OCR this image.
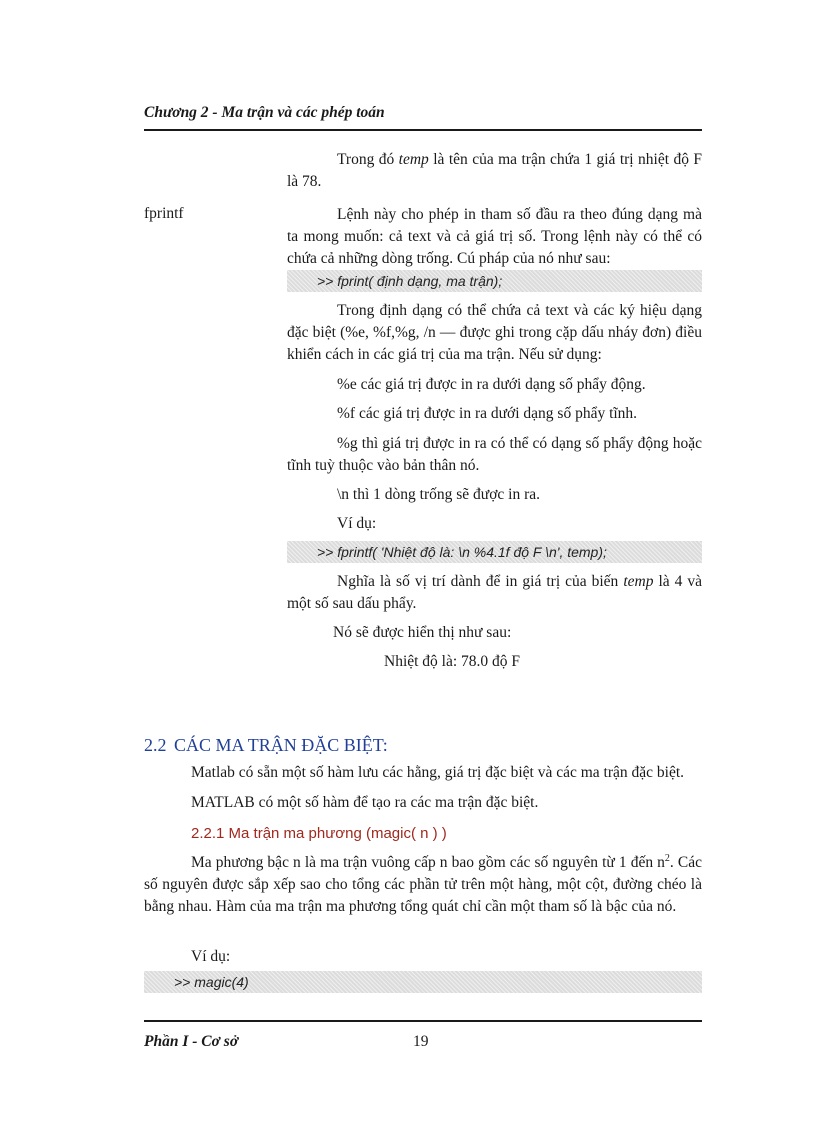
Chương 2 - Ma trận và các phép toán
Trong đó temp là tên của ma trận chứa 1 giá trị nhiệt độ F là 78.
fprintf	Lệnh này cho phép in tham số đầu ra theo đúng dạng mà ta mong muốn: cả text và cả giá trị số. Trong lệnh này có thể có chứa cả những dòng trống. Cú pháp của nó như sau:
>> fprint( định dạng, ma trận);
Trong định dạng có thể chứa cả text và các ký hiệu dạng đặc biệt (%e, %f,%g, /n — được ghi trong cặp dấu nháy đơn) điều khiển cách in các giá trị của ma trận. Nếu sử dụng:
%e các giá trị được in ra dưới dạng số phẩy động.
%f các giá trị được in ra dưới dạng số phẩy tĩnh.
%g thì giá trị được in ra có thể có dạng số phẩy động hoặc tĩnh tuỳ thuộc vào bản thân nó.
\n thì 1 dòng trống sẽ được in ra.
Ví dụ:
>> fprintf( 'Nhiệt độ là: \n %4.1f độ F \n', temp);
Nghĩa là số vị trí dành để in giá trị của biến temp là 4 và một số sau dấu phẩy.
Nó sẽ được hiển thị như sau:
Nhiệt độ là: 78.0 độ F
2.2 CÁC MA TRẬN ĐẶC BIỆT:
Matlab có sẵn một số hàm lưu các hằng, giá trị đặc biệt và các ma trận đặc biệt.
MATLAB có một số hàm để tạo ra các ma trận đặc biệt.
2.2.1 Ma trận ma phương (magic( n ) )
Ma phương bậc n là ma trận vuông cấp n bao gồm các số nguyên từ 1 đến $n^2$. Các số nguyên được sắp xếp sao cho tổng các phần tử trên một hàng, một cột, đường chéo là bằng nhau. Hàm của ma trận ma phương tổng quát chỉ cần một tham số là bậc của nó.
Ví dụ:
>> magic(4)
Phần I - Cơ sở	19
